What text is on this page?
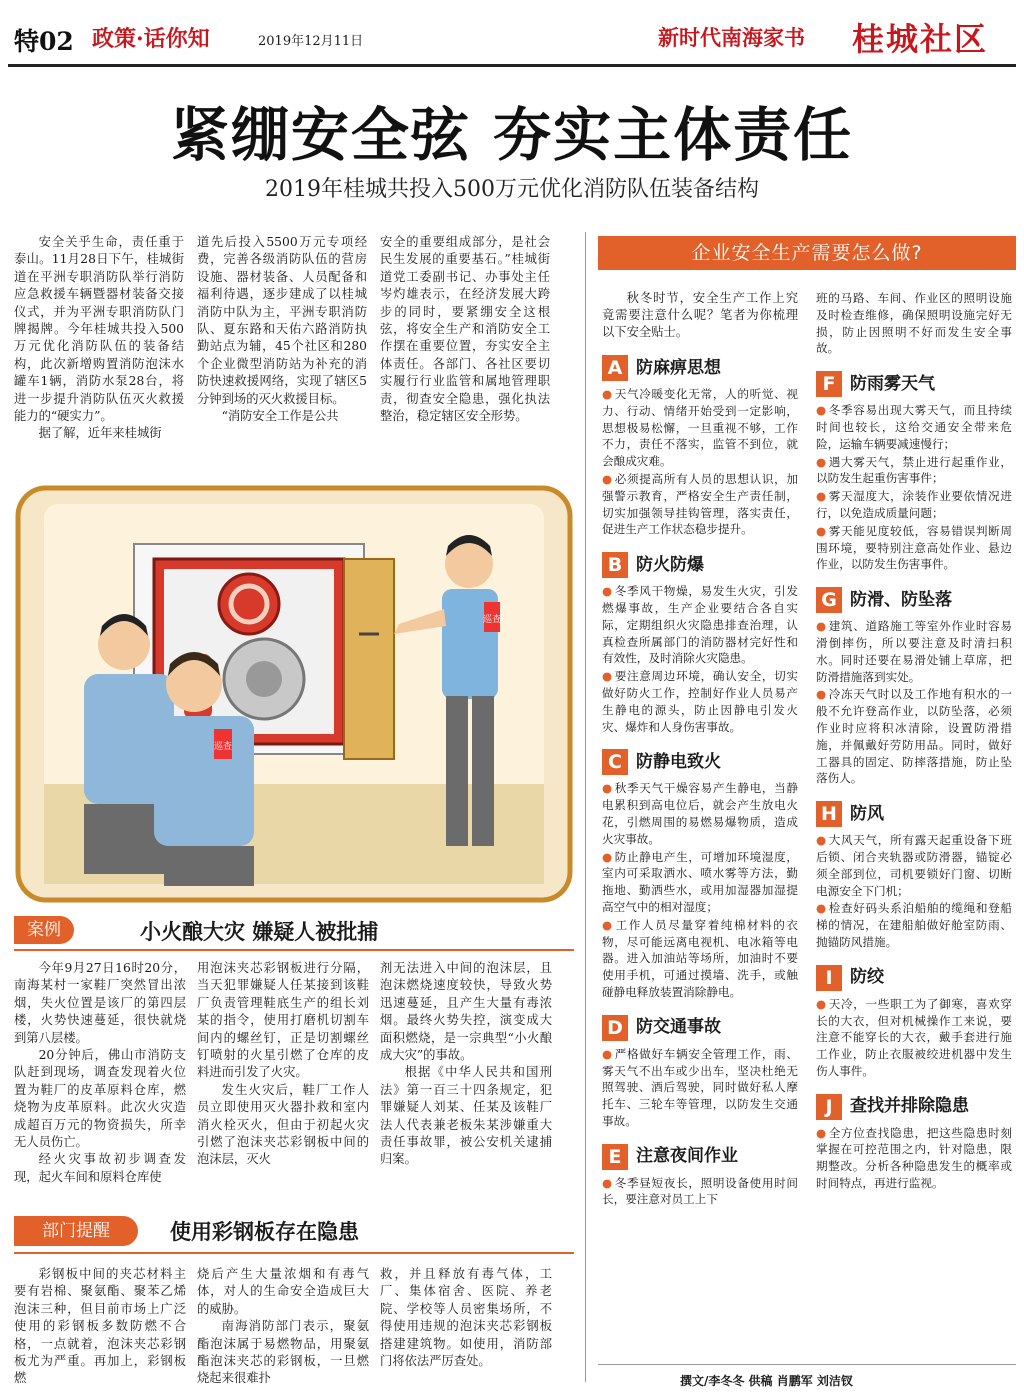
特02 政策·话你知	2019年12月11日	新时代南海家书 桂城社区
紧绷安全弦 夯实主体责任
2019年桂城共投入500万元优化消防队伍装备结构

安全关乎生命，责任重于泰山。11月28日下午，桂城街道在平洲专职消防队举行消防应急救援车辆暨器材装备交接仪式，并为平洲专职消防队门牌揭牌。今年桂城共投入500万元优化消防队伍的装备结构，此次新增购置消防泡沫水罐车1辆，消防水泵28台，将进一步提升消防队伍灭火救援能力的“硬实力”。

据了解，近年来桂城街

道先后投入5500万元专项经费，完善各级消防队伍的营房设施、器材装备、人员配备和福利待遇，逐步建成了以桂城消防中队为主，平洲专职消防队、夏东路和天佑六路消防执勤站点为辅，45个社区和280个企业微型消防站为补充的消防快速救援网络，实现了辖区5分钟到场的灭火救援目标。

“消防安全工作是公共

安全的重要组成部分，是社会民生发展的重要基石。”桂城街道党工委副书记、办事处主任岑灼雄表示，在经济发展大跨步的同时，要紧绷安全这根弦，将安全生产和消防安全工作摆在重要位置，夯实安全主体责任。各部门、各社区要切实履行行业监管和属地管理职责，彻查安全隐患，强化执法整治，稳定辖区安全形势。

巡查
巡查
案例	小火酿大灾 嫌疑人被批捕

今年9月27日16时20分，南海某村一家鞋厂突然冒出浓烟，失火位置是该厂的第四层楼，火势快速蔓延，很快就烧到第八层楼。

20分钟后，佛山市消防支队赶到现场，调查发现着火位置为鞋厂的皮革原料仓库，燃烧物为皮革原料。此次火灾造成超百万元的物资损失，所幸无人员伤亡。

经火灾事故初步调查发现，起火车间和原料仓库使

用泡沫夹芯彩钢板进行分隔，当天犯罪嫌疑人任某接到该鞋厂负责管理鞋底生产的组长刘某的指令，使用打磨机切割车间内的螺丝钉，正是切割螺丝钉喷射的火星引燃了仓库的皮料进而引发了火灾。

发生火灾后，鞋厂工作人员立即使用灭火器扑救和室内消火栓灭火，但由于初起火灾引燃了泡沫夹芯彩钢板中间的泡沫层，灭火

剂无法进入中间的泡沫层，且泡沫燃烧速度较快，导致火势迅速蔓延，且产生大量有毒浓烟。最终火势失控，演变成大面积燃烧，是一宗典型“小火酿成大灾”的事故。

根据《中华人民共和国刑法》第一百三十四条规定，犯罪嫌疑人刘某、任某及该鞋厂法人代表兼老板朱某涉嫌重大责任事故罪，被公安机关逮捕归案。

部门提醒	使用彩钢板存在隐患

彩钢板中间的夹芯材料主要有岩棉、聚氨酯、聚苯乙烯泡沫三种，但目前市场上广泛使用的彩钢板多数防燃不合格，一点就着，泡沫夹芯彩钢板尤为严重。再加上，彩钢板燃

烧后产生大量浓烟和有毒气体，对人的生命安全造成巨大的威胁。

南海消防部门表示，聚氨酯泡沫属于易燃物品，用聚氨酯泡沫夹芯的彩钢板，一旦燃烧起来很难扑

救，并且释放有毒气体，工厂、集体宿舍、医院、养老院、学校等人员密集场所，不得使用违规的泡沫夹芯彩钢板搭建建筑物。如使用，消防部门将依法严厉查处。

企业安全生产需要怎么做?

秋冬时节，安全生产工作上究竟需要注意什么呢？笔者为你梳理以下安全贴士。

A 防麻痹思想

● 天气冷暖变化无常，人的听觉、视力、行动、情绪开始受到一定影响，思想极易松懈，一旦重视不够，工作不力，责任不落实，监管不到位，就会酿成灾难。

● 必须提高所有人员的思想认识，加强警示教育，严格安全生产责任制，切实加强领导挂钩管理，落实责任，促进生产工作状态稳步提升。

B 防火防爆

● 冬季风干物燥，易发生火灾，引发燃爆事故，生产企业要结合各自实际，定期组织火灾隐患排查治理，认真检查所属部门的消防器材完好性和有效性，及时消除火灾隐患。

● 要注意周边环境，确认安全，切实做好防火工作，控制好作业人员易产生静电的源头，防止因静电引发火灾、爆炸和人身伤害事故。

C 防静电致火

● 秋季天气干燥容易产生静电，当静电累积到高电位后，就会产生放电火花，引燃周围的易燃易爆物质，造成火灾事故。

● 防止静电产生，可增加环境湿度，室内可采取洒水、喷水雾等方法，勤拖地、勤洒些水，或用加湿器加湿提高空气中的相对湿度；

● 工作人员尽量穿着纯棉材料的衣物，尽可能远离电视机、电冰箱等电器。进入加油站等场所，加油时不要使用手机，可通过摸墙、洗手，或触碰静电释放装置消除静电。

D 防交通事故

● 严格做好车辆安全管理工作，雨、雾天气不出车或少出车，坚决杜绝无照驾驶、酒后驾驶，同时做好私人摩托车、三轮车等管理，以防发生交通事故。

E 注意夜间作业

● 冬季昼短夜长，照明设备使用时间长，要注意对员工上下

班的马路、车间、作业区的照明设施及时检查维修，确保照明设施完好无损，防止因照明不好而发生安全事故。

F 防雨雾天气

● 冬季容易出现大雾天气，而且持续时间也较长，这给交通安全带来危险，运输车辆要减速慢行；

● 遇大雾天气，禁止进行起重作业，以防发生起重伤害事件；

● 雾天湿度大，涂装作业要依情况进行，以免造成质量问题；

● 雾天能见度较低，容易错误判断周围环境，要特别注意高处作业、悬边作业，以防发生伤害事件。

G 防滑、防坠落

● 建筑、道路施工等室外作业时容易滑倒摔伤，所以要注意及时清扫积水。同时还要在易滑处铺上草席，把防滑措施落到实处。

● 冷冻天气时以及工作地有积水的一般不允许登高作业，以防坠落，必须作业时应将积冰清除，设置防滑措施，并佩戴好劳防用品。同时，做好工器具的固定、防摔落措施，防止坠落伤人。

H 防风

● 大风天气，所有露天起重设备下班后锁、闭合夹轨器或防滑器，锚锭必须全部到位，司机要锁好门窗、切断电源安全下门机；

● 检查好码头系泊船舶的缆绳和登船梯的情况，在建船舶做好舱室防雨、抛锚防风措施。

I	防绞

● 天冷，一些职工为了御寒，喜欢穿长的大衣，但对机械操作工来说，要注意不能穿长的大衣，戴手套进行施工作业，防止衣服被绞进机器中发生伤人事件。

J	查找并排除隐患

● 全方位查找隐患，把这些隐患时刻掌握在可控范围之内，针对隐患，限期整改。分析各种隐患发生的概率或时间特点，再进行监视。

撰文/李冬冬 供稿 肖鹏军 刘洁钗
